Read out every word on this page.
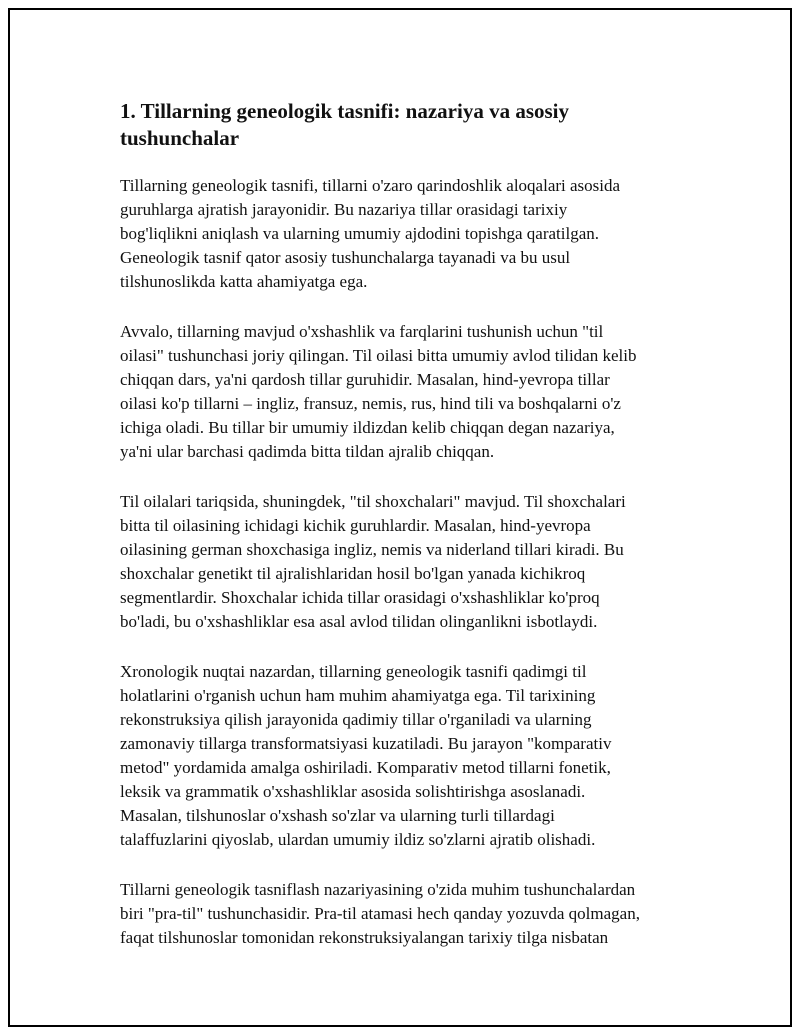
1. Tillarning geneologik tasnifi: nazariya va asosiy
tushunchalar

Tillarning geneologik tasnifi, tillarni o'zaro qarindoshlik aloqalari asosida
guruhlarga ajratish jarayonidir. Bu nazariya tillar orasidagi tarixiy
bog'liqlikni aniqlash va ularning umumiy ajdodini topishga qaratilgan.
Geneologik tasnif qator asosiy tushunchalarga tayanadi va bu usul
tilshunoslikda katta ahamiyatga ega.

Avvalo, tillarning mavjud o'xshashlik va farqlarini tushunish uchun "til
oilasi" tushunchasi joriy qilingan. Til oilasi bitta umumiy avlod tilidan kelib
chiqqan dars, ya'ni qardosh tillar guruhidir. Masalan, hind-yevropa tillar
oilasi ko'p tillarni – ingliz, fransuz, nemis, rus, hind tili va boshqalarni o'z
ichiga oladi. Bu tillar bir umumiy ildizdan kelib chiqqan degan nazariya,
ya'ni ular barchasi qadimda bitta tildan ajralib chiqqan.

Til oilalari tariqsida, shuningdek, "til shoxchalari" mavjud. Til shoxchalari
bitta til oilasining ichidagi kichik guruhlardir. Masalan, hind-yevropa
oilasining german shoxchasiga ingliz, nemis va niderland tillari kiradi. Bu
shoxchalar genetikt til ajralishlaridan hosil bo'lgan yanada kichikroq
segmentlardir. Shoxchalar ichida tillar orasidagi o'xshashliklar ko'proq
bo'ladi, bu o'xshashliklar esa asal avlod tilidan olinganlikni isbotlaydi.

Xronologik nuqtai nazardan, tillarning geneologik tasnifi qadimgi til
holatlarini o'rganish uchun ham muhim ahamiyatga ega. Til tarixining
rekonstruksiya qilish jarayonida qadimiy tillar o'rganiladi va ularning
zamonaviy tillarga transformatsiyasi kuzatiladi. Bu jarayon "komparativ
metod" yordamida amalga oshiriladi. Komparativ metod tillarni fonetik,
leksik va grammatik o'xshashliklar asosida solishtirishga asoslanadi.
Masalan, tilshunoslar o'xshash so'zlar va ularning turli tillardagi
talaffuzlarini qiyoslab, ulardan umumiy ildiz so'zlarni ajratib olishadi.

Tillarni geneologik tasniflash nazariyasining o'zida muhim tushunchalardan
biri "pra-til" tushunchasidir. Pra-til atamasi hech qanday yozuvda qolmagan,
faqat tilshunoslar tomonidan rekonstruksiyalangan tarixiy tilga nisbatan
